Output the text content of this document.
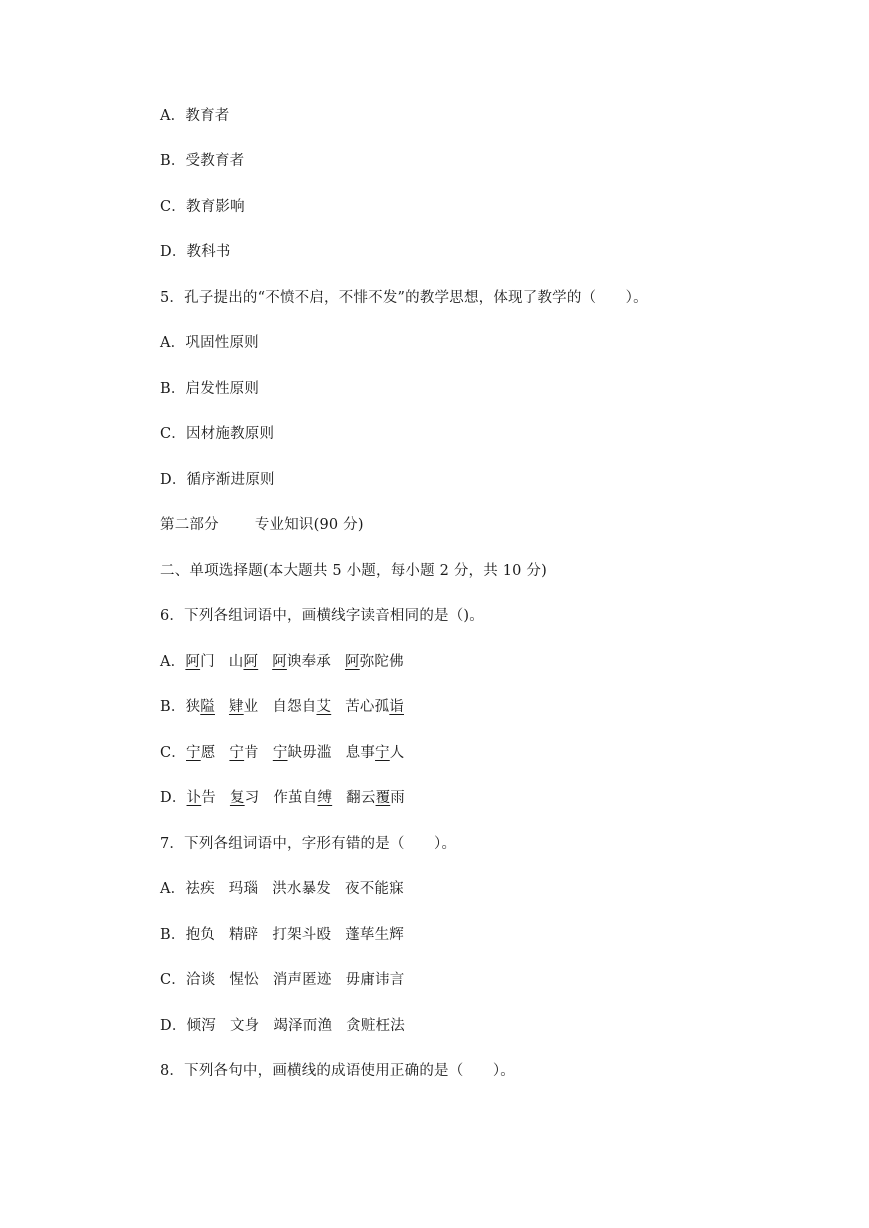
A．教育者
B．受教育者
C．教育影响
D．教科书
5．孔子提出的“不愤不启，不悱不发”的教学思想，体现了教学的（　　）。
A．巩固性原则
B．启发性原则
C．因材施教原则
D．循序渐进原则
第二部分 专业知识(90 分)
二、单项选择题(本大题共 5 小题，每小题 2 分，共 10 分)
6．下列各组词语中，画横线字读音相同的是（)。
A．阿门 山阿 阿谀奉承 阿弥陀佛
B．狭隘 肄业 自怨自艾 苦心孤诣
C．宁愿 宁肯 宁缺毋滥 息事宁人
D．讣告 复习 作茧自缚 翻云覆雨
7．下列各组词语中，字形有错的是（　　）。
A．祛疾 玛瑙 洪水暴发 夜不能寐
B．抱负 精辟 打架斗殴 蓬荜生辉
C．洽谈 惺忪 消声匿迹 毋庸讳言
D．倾泻 文身 竭泽而渔 贪赃枉法
8．下列各句中，画横线的成语使用正确的是（　　）。
